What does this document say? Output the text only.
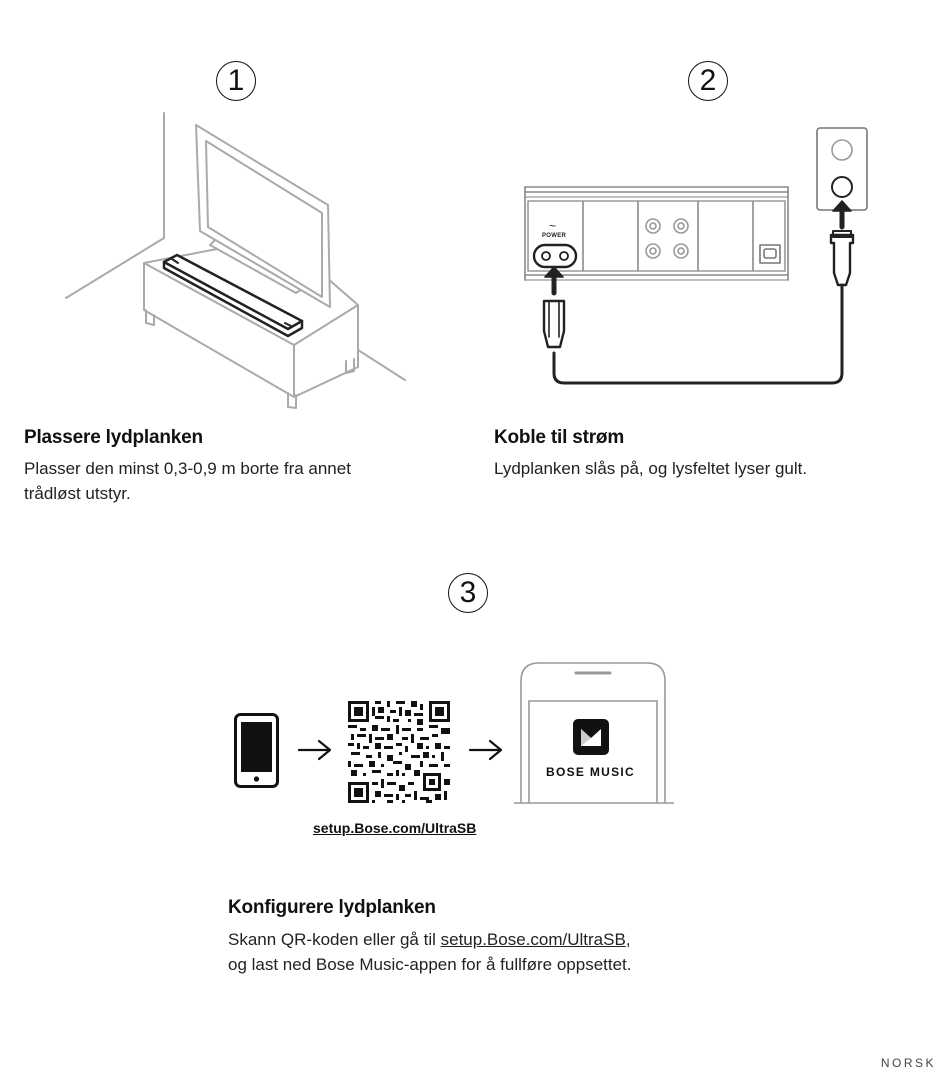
1
Plassere lydplanken
Plasser den minst 0,3-0,9 m borte fra annet
trådløst utstyr.
2
~
POWER
Koble til strøm
Lydplanken slås på, og lysfeltet lyser gult.
3
setup.Bose.com/UltraSB
BOSE MUSIC
Konfigurere lydplanken
Skann QR-koden eller gå til setup.Bose.com/UltraSB,
og last ned Bose Music-appen for å fullføre oppsettet.
NORSK
